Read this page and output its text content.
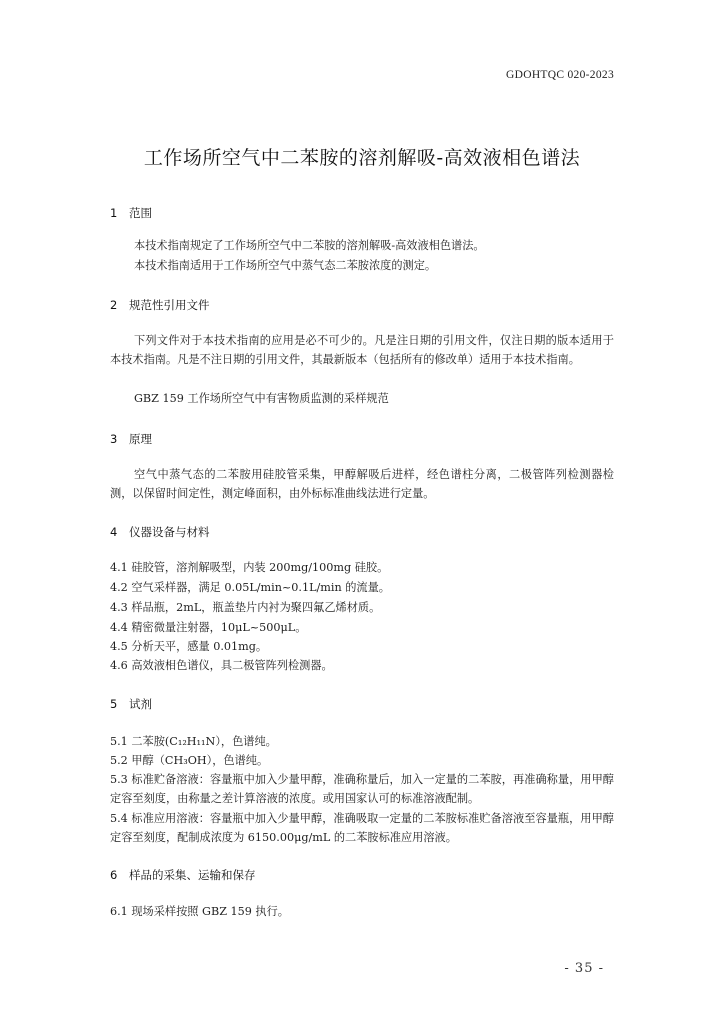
GDOHTQC 020-2023
工作场所空气中二苯胺的溶剂解吸-高效液相色谱法
1 范围
本技术指南规定了工作场所空气中二苯胺的溶剂解吸-高效液相色谱法。
本技术指南适用于工作场所空气中蒸气态二苯胺浓度的测定。
2 规范性引用文件
下列文件对于本技术指南的应用是必不可少的。凡是注日期的引用文件，仅注日期的版本适用于本技术指南。凡是不注日期的引用文件，其最新版本（包括所有的修改单）适用于本技术指南。
GBZ 159 工作场所空气中有害物质监测的采样规范
3 原理
空气中蒸气态的二苯胺用硅胶管采集，甲醇解吸后进样，经色谱柱分离，二极管阵列检测器检测，以保留时间定性，测定峰面积，由外标标准曲线法进行定量。
4 仪器设备与材料
4.1 硅胶管，溶剂解吸型，内装 200mg/100mg 硅胶。
4.2 空气采样器，满足 0.05L/min~0.1L/min 的流量。
4.3 样品瓶，2mL，瓶盖垫片内衬为聚四氟乙烯材质。
4.4 精密微量注射器，10μL~500μL。
4.5 分析天平，感量 0.01mg。
4.6 高效液相色谱仪，具二极管阵列检测器。
5 试剂
5.1 二苯胺(C₁₂H₁₁N），色谱纯。
5.2 甲醇（CH₃OH），色谱纯。
5.3 标准贮备溶液：容量瓶中加入少量甲醇，准确称量后，加入一定量的二苯胺，再准确称量，用甲醇定容至刻度，由称量之差计算溶液的浓度。或用国家认可的标准溶液配制。
5.4 标准应用溶液：容量瓶中加入少量甲醇，准确吸取一定量的二苯胺标准贮备溶液至容量瓶，用甲醇定容至刻度，配制成浓度为 6150.00μg/mL 的二苯胺标准应用溶液。
6 样品的采集、运输和保存
6.1 现场采样按照 GBZ 159 执行。
- 35 -
